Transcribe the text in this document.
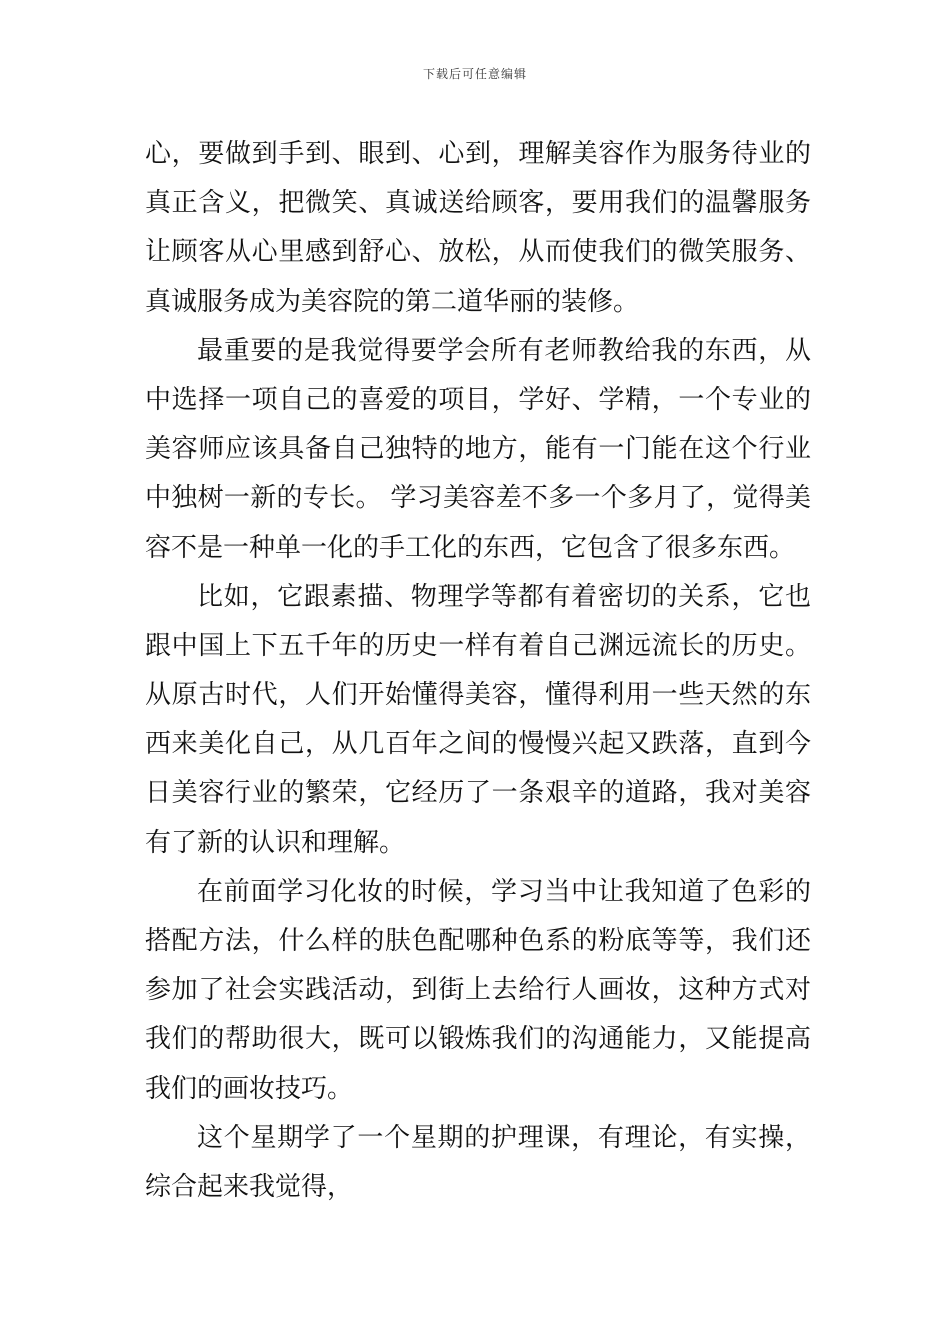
下载后可任意编辑
心，要做到手到、眼到、心到，理解美容作为服务待业的
真正含义，把微笑、真诚送给顾客，要用我们的温馨服务
让顾客从心里感到舒心、放松，从而使我们的微笑服务、
真诚服务成为美容院的第二道华丽的装修。
最重要的是我觉得要学会所有老师教给我的东西，从
中选择一项自己的喜爱的项目，学好、学精，一个专业的
美容师应该具备自己独特的地方，能有一门能在这个行业
中独树一新的专长。 学习美容差不多一个多月了，觉得美
容不是一种单一化的手工化的东西，它包含了很多东西。
比如，它跟素描、物理学等都有着密切的关系，它也
跟中国上下五千年的历史一样有着自己渊远流长的历史。
从原古时代，人们开始懂得美容，懂得利用一些天然的东
西来美化自己，从几百年之间的慢慢兴起又跌落，直到今
日美容行业的繁荣，它经历了一条艰辛的道路，我对美容
有了新的认识和理解。
在前面学习化妆的时候，学习当中让我知道了色彩的
搭配方法，什么样的肤色配哪种色系的粉底等等，我们还
参加了社会实践活动，到街上去给行人画妆，这种方式对
我们的帮助很大，既可以锻炼我们的沟通能力，又能提高
我们的画妆技巧。
这个星期学了一个星期的护理课，有理论，有实操，
综合起来我觉得，
